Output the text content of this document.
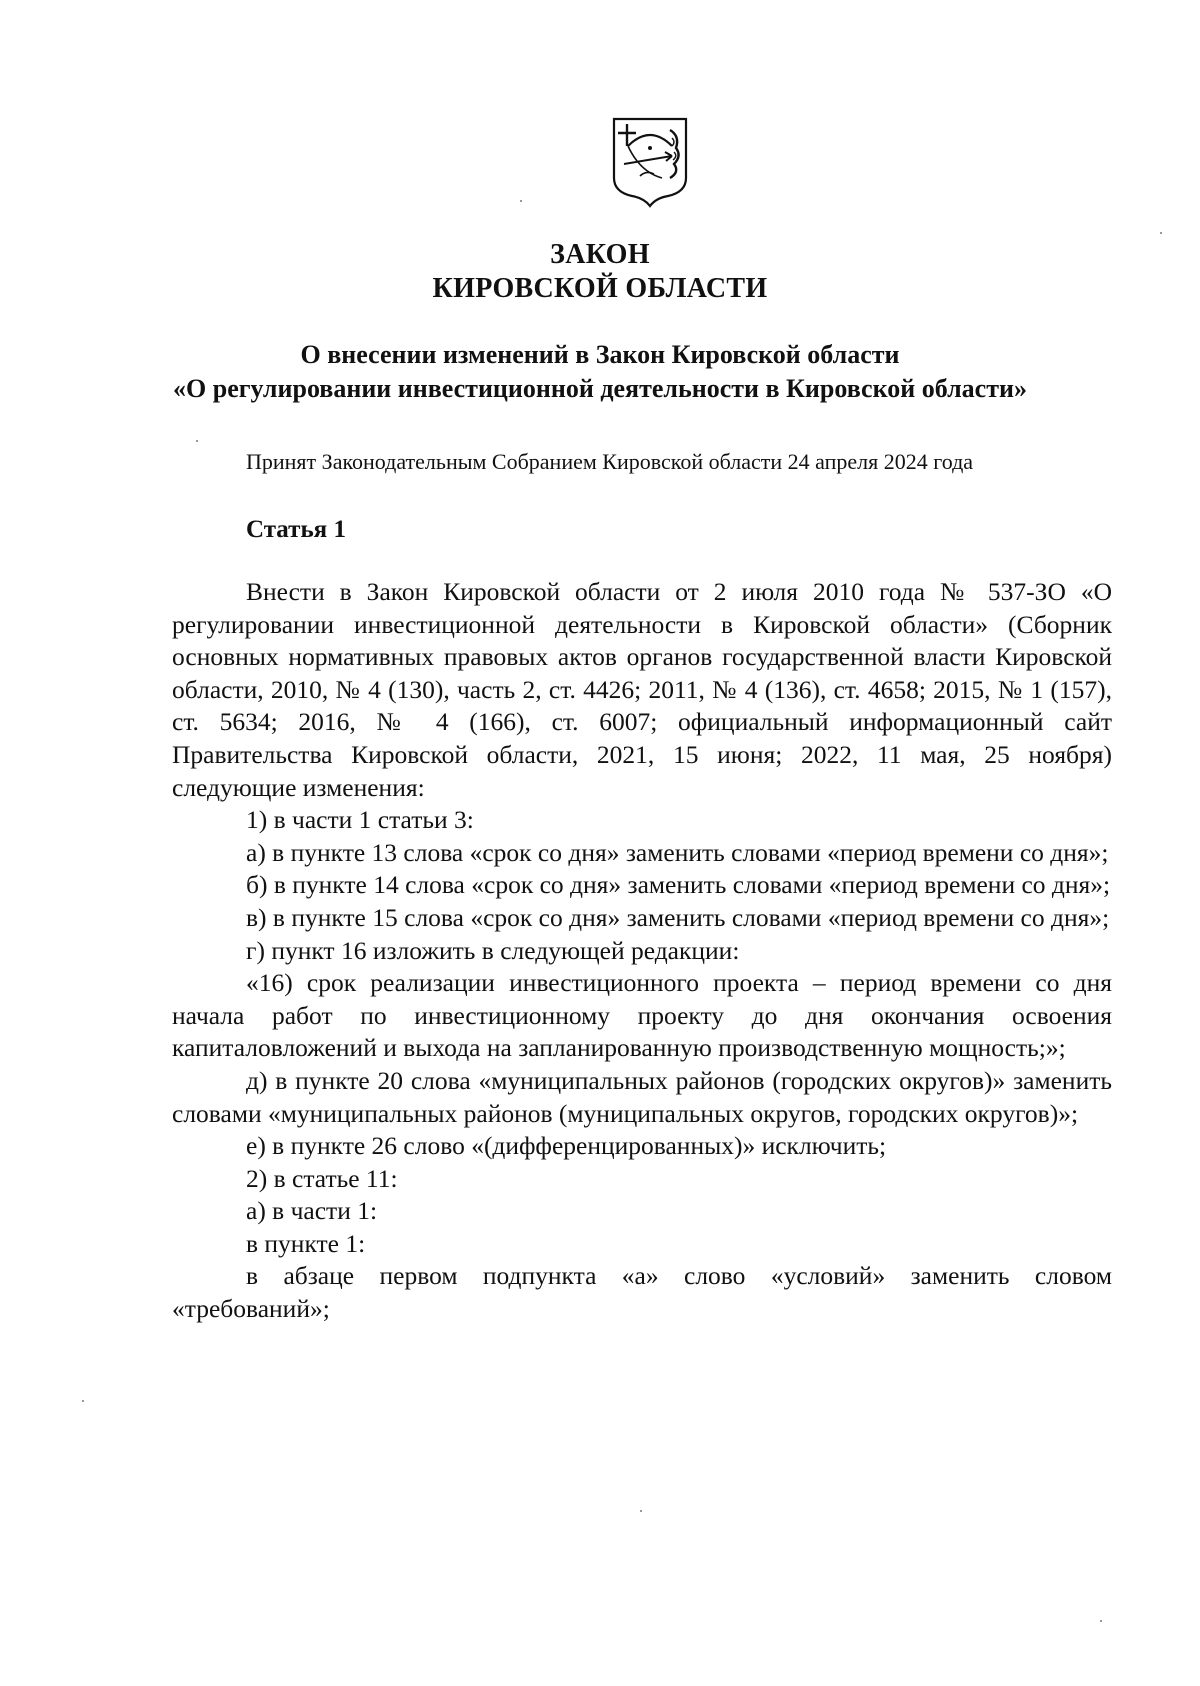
ЗАКОН
КИРОВСКОЙ ОБЛАСТИ
О внесении изменений в Закон Кировской области
«О регулировании инвестиционной деятельности в Кировской области»
Принят Законодательным Собранием Кировской области 24 апреля 2024 года
Статья 1

Внести в Закон Кировской области от 2 июля 2010 года № 537-ЗО «О регулировании инвестиционной деятельности в Кировской области» (Сборник основных нормативных правовых актов органов государственной власти Кировской области, 2010, № 4 (130), часть 2, ст. 4426; 2011, № 4 (136), ст. 4658; 2015, № 1 (157), ст. 5634; 2016, № 4 (166), ст. 6007; официальный информационный сайт Правительства Кировской области, 2021, 15 июня; 2022, 11 мая, 25 ноября) следующие изменения:

1) в части 1 статьи 3:

а) в пункте 13 слова «срок со дня» заменить словами «период времени со дня»;

б) в пункте 14 слова «срок со дня» заменить словами «период времени со дня»;

в) в пункте 15 слова «срок со дня» заменить словами «период времени со дня»;

г) пункт 16 изложить в следующей редакции:

«16) срок реализации инвестиционного проекта – период времени со дня начала работ по инвестиционному проекту до дня окончания освоения капиталовложений и выхода на запланированную производственную мощность;»;

д) в пункте 20 слова «муниципальных районов (городских округов)» заменить словами «муниципальных районов (муниципальных округов, городских округов)»;

е) в пункте 26 слово «(дифференцированных)» исключить;

2) в статье 11:

а) в части 1:

в пункте 1:

в абзаце первом подпункта «а» слово «условий» заменить словом «требований»;
